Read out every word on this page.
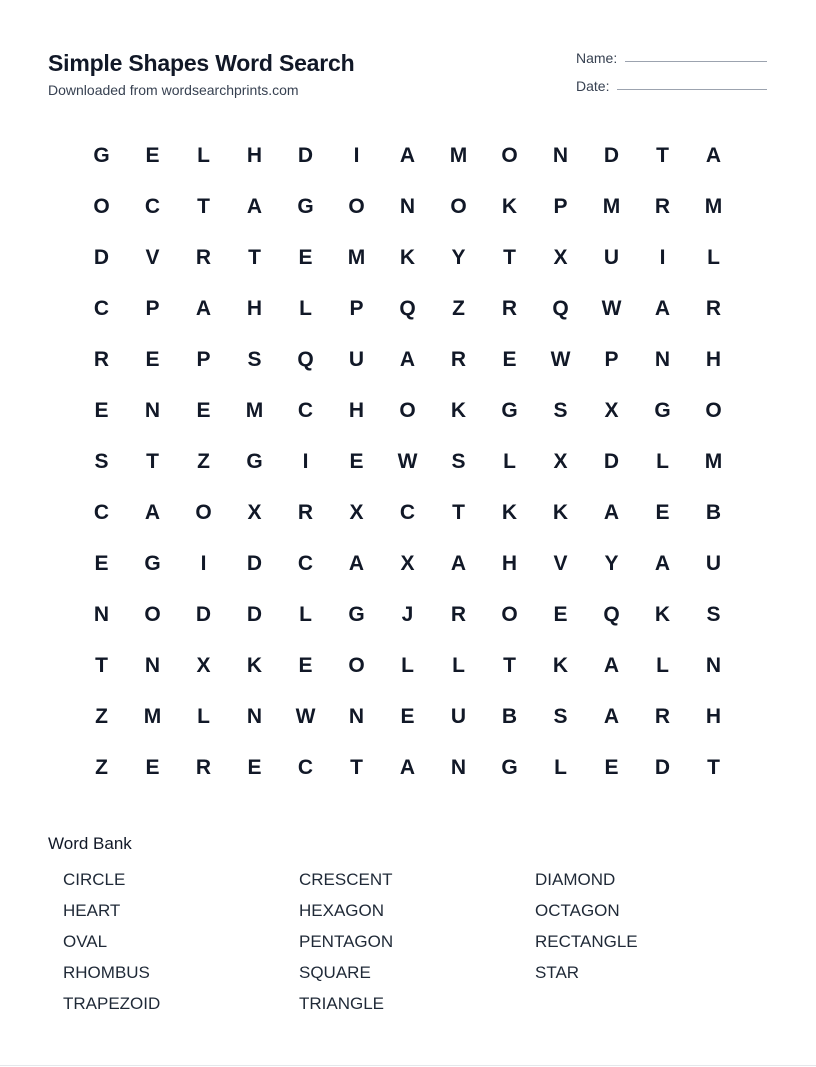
Simple Shapes Word Search
Downloaded from wordsearchprints.com
Name:
Date:
G	E	L	H	D	I	A	M	O	N	D	T	A
O	C	T	A	G	O	N	O	K	P	M	R	M
D	V	R	T	E	M	K	Y	T	X	U	I	L
C	P	A	H	L	P	Q	Z	R	Q	W	A	R
R	E	P	S	Q	U	A	R	E	W	P	N	H
E	N	E	M	C	H	O	K	G	S	X	G	O
S	T	Z	G	I	E	W	S	L	X	D	L	M
C	A	O	X	R	X	C	T	K	K	A	E	B
E	G	I	D	C	A	X	A	H	V	Y	A	U
N	O	D	D	L	G	J	R	O	E	Q	K	S
T	N	X	K	E	O	L	L	T	K	A	L	N
Z	M	L	N	W	N	E	U	B	S	A	R	H
Z	E	R	E	C	T	A	N	G	L	E	D	T
Word Bank
CIRCLE	CRESCENT	DIAMOND
HEART	HEXAGON	OCTAGON
OVAL	PENTAGON	RECTANGLE
RHOMBUS	SQUARE	STAR
TRAPEZOID	TRIANGLE
